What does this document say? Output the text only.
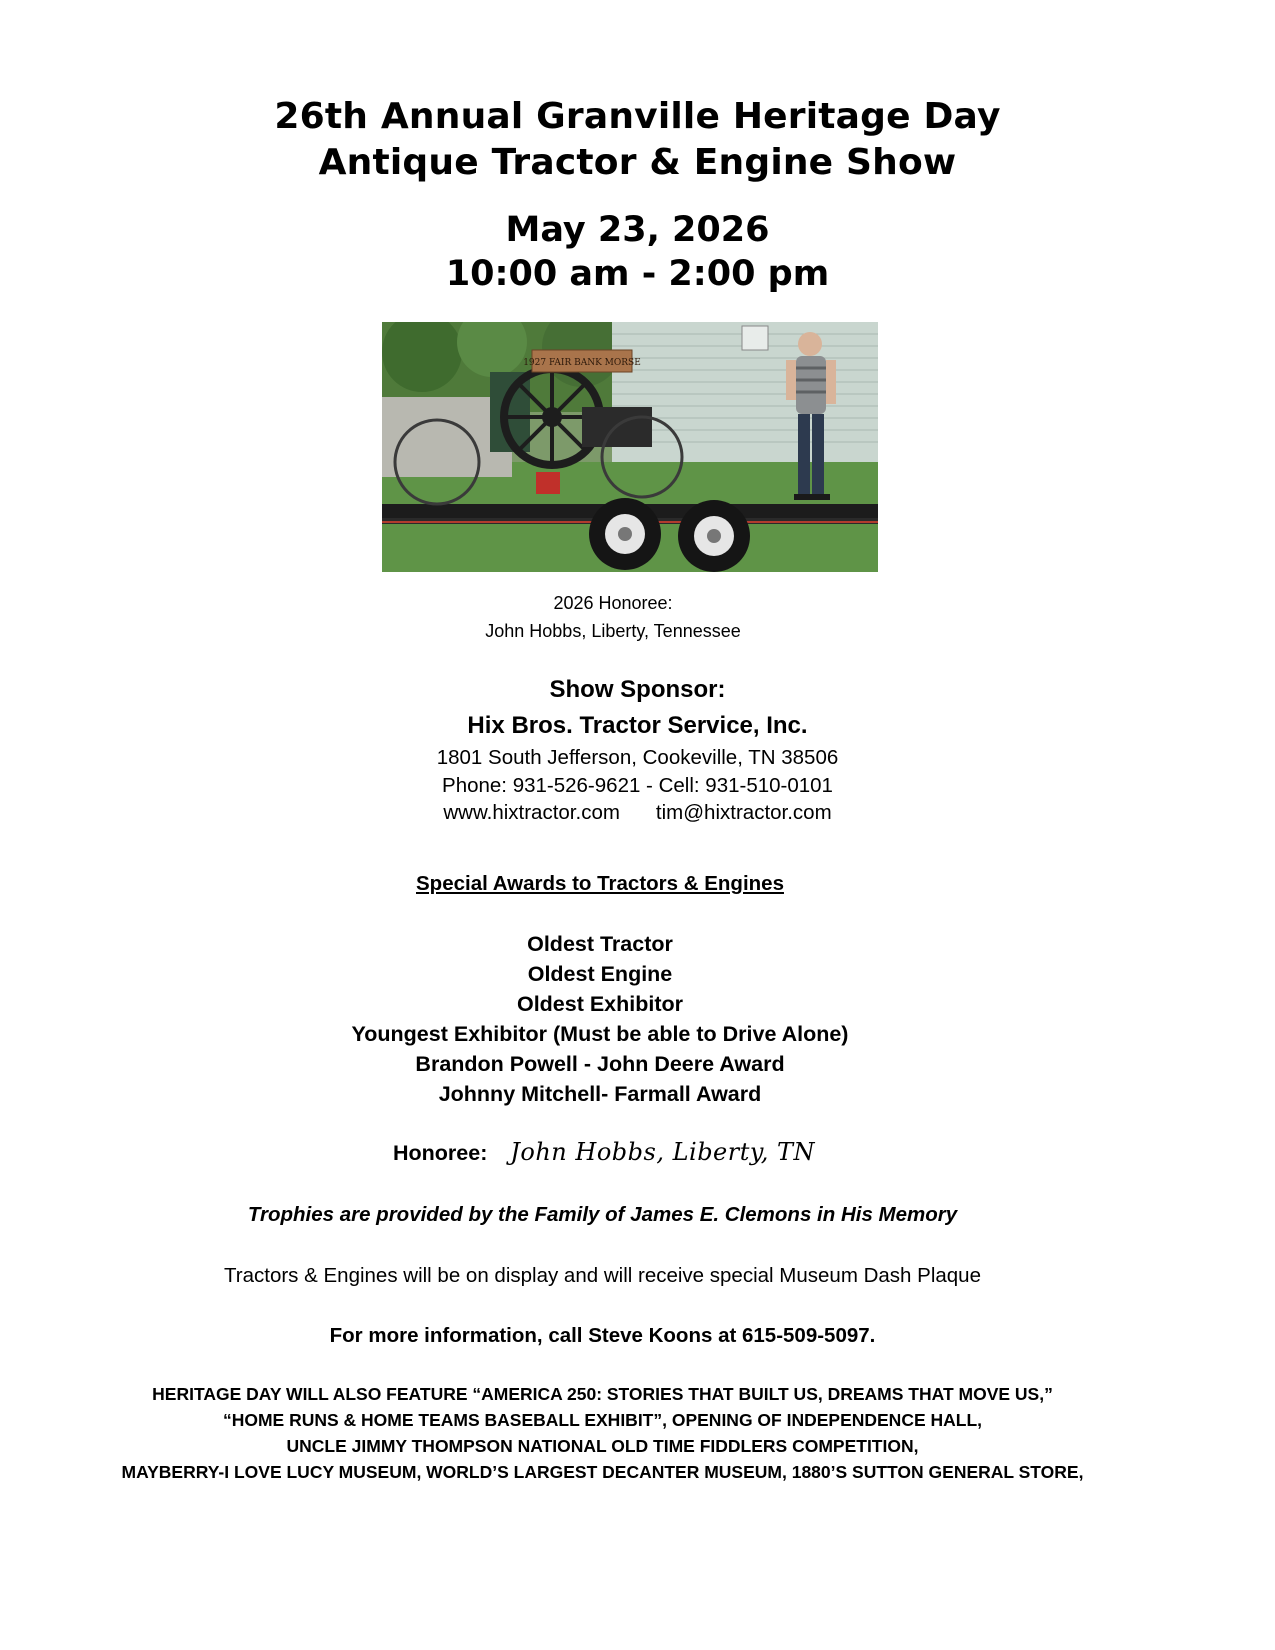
26th Annual Granville Heritage Day
Antique Tractor & Engine Show
May 23, 2026
10:00 am - 2:00 pm
1927 FAIR BANK MORSE
2026 Honoree:
John Hobbs, Liberty, Tennessee
Show Sponsor:
Hix Bros. Tractor Service, Inc.
1801 South Jefferson, Cookeville, TN 38506
Phone: 931-526-9621 - Cell: 931-510-0101
www.hixtractor.com tim@hixtractor.com
Special Awards to Tractors & Engines
Oldest Tractor
Oldest Engine
Oldest Exhibitor
Youngest Exhibitor (Must be able to Drive Alone)
Brandon Powell - John Deere Award
Johnny Mitchell- Farmall Award
Honoree: John Hobbs, Liberty, TN
Trophies are provided by the Family of James E. Clemons in His Memory
Tractors & Engines will be on display and will receive special Museum Dash Plaque
For more information, call Steve Koons at 615-509-5097.
HERITAGE DAY WILL ALSO FEATURE “AMERICA 250: STORIES THAT BUILT US, DREAMS THAT MOVE US,”
“HOME RUNS & HOME TEAMS BASEBALL EXHIBIT”, OPENING OF INDEPENDENCE HALL,
UNCLE JIMMY THOMPSON NATIONAL OLD TIME FIDDLERS COMPETITION,
MAYBERRY-I LOVE LUCY MUSEUM, WORLD’S LARGEST DECANTER MUSEUM, 1880’S SUTTON GENERAL STORE,
